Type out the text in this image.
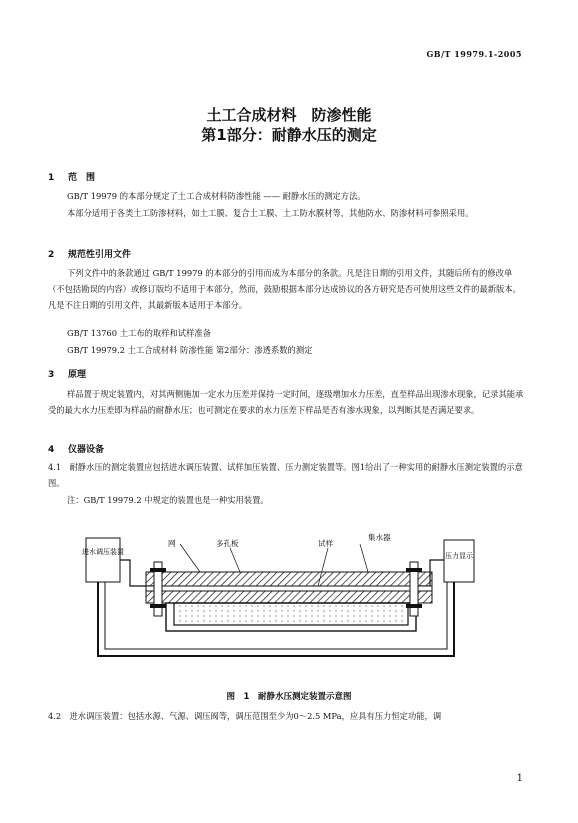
GB/T 19979.1-2005
土工合成材料　防渗性能
第1部分：耐静水压的测定
1 范　围
GB/T 19979 的本部分规定了土工合成材料防渗性能 —— 耐静水压的测定方法。
本部分适用于各类土工防渗材料，如土工膜、复合土工膜、土工防水膜材等，其他防水、防渗材料可参照采用。
2 规范性引用文件
下列文件中的条款通过 GB/T 19979 的本部分的引用而成为本部分的条款。凡是注日期的引用文件，其随后所有的修改单（不包括勘误的内容）或修订版均不适用于本部分，然而，鼓励根据本部分达成协议的各方研究是否可使用这些文件的最新版本。凡是不注日期的引用文件，其最新版本适用于本部分。
GB/T 13760 土工布的取样和试样准备
GB/T 19979.2 土工合成材料 防渗性能 第2部分：渗透系数的测定
3 原理
样品置于规定装置内，对其两侧施加一定水力压差并保持一定时间，逐级增加水力压差，直至样品出现渗水现象，记录其能承受的最大水力压差即为样品的耐静水压；也可测定在要求的水力压差下样品是否有渗水现象，以判断其是否满足要求。
4 仪器设备
4.1　耐静水压的测定装置应包括进水调压装置、试样加压装置、压力测定装置等。图1给出了一种实用的耐静水压测定装置的示意图。
注：GB/T 19979.2 中规定的装置也是一种实用装置。
进水调压装置	压力显示
网	多孔板	试样
集水器
图　1　耐静水压测定装置示意图
4.2　进水调压装置：包括水源、气源、调压阀等，调压范围至少为0～2.5 MPa，应具有压力恒定功能，调
1
